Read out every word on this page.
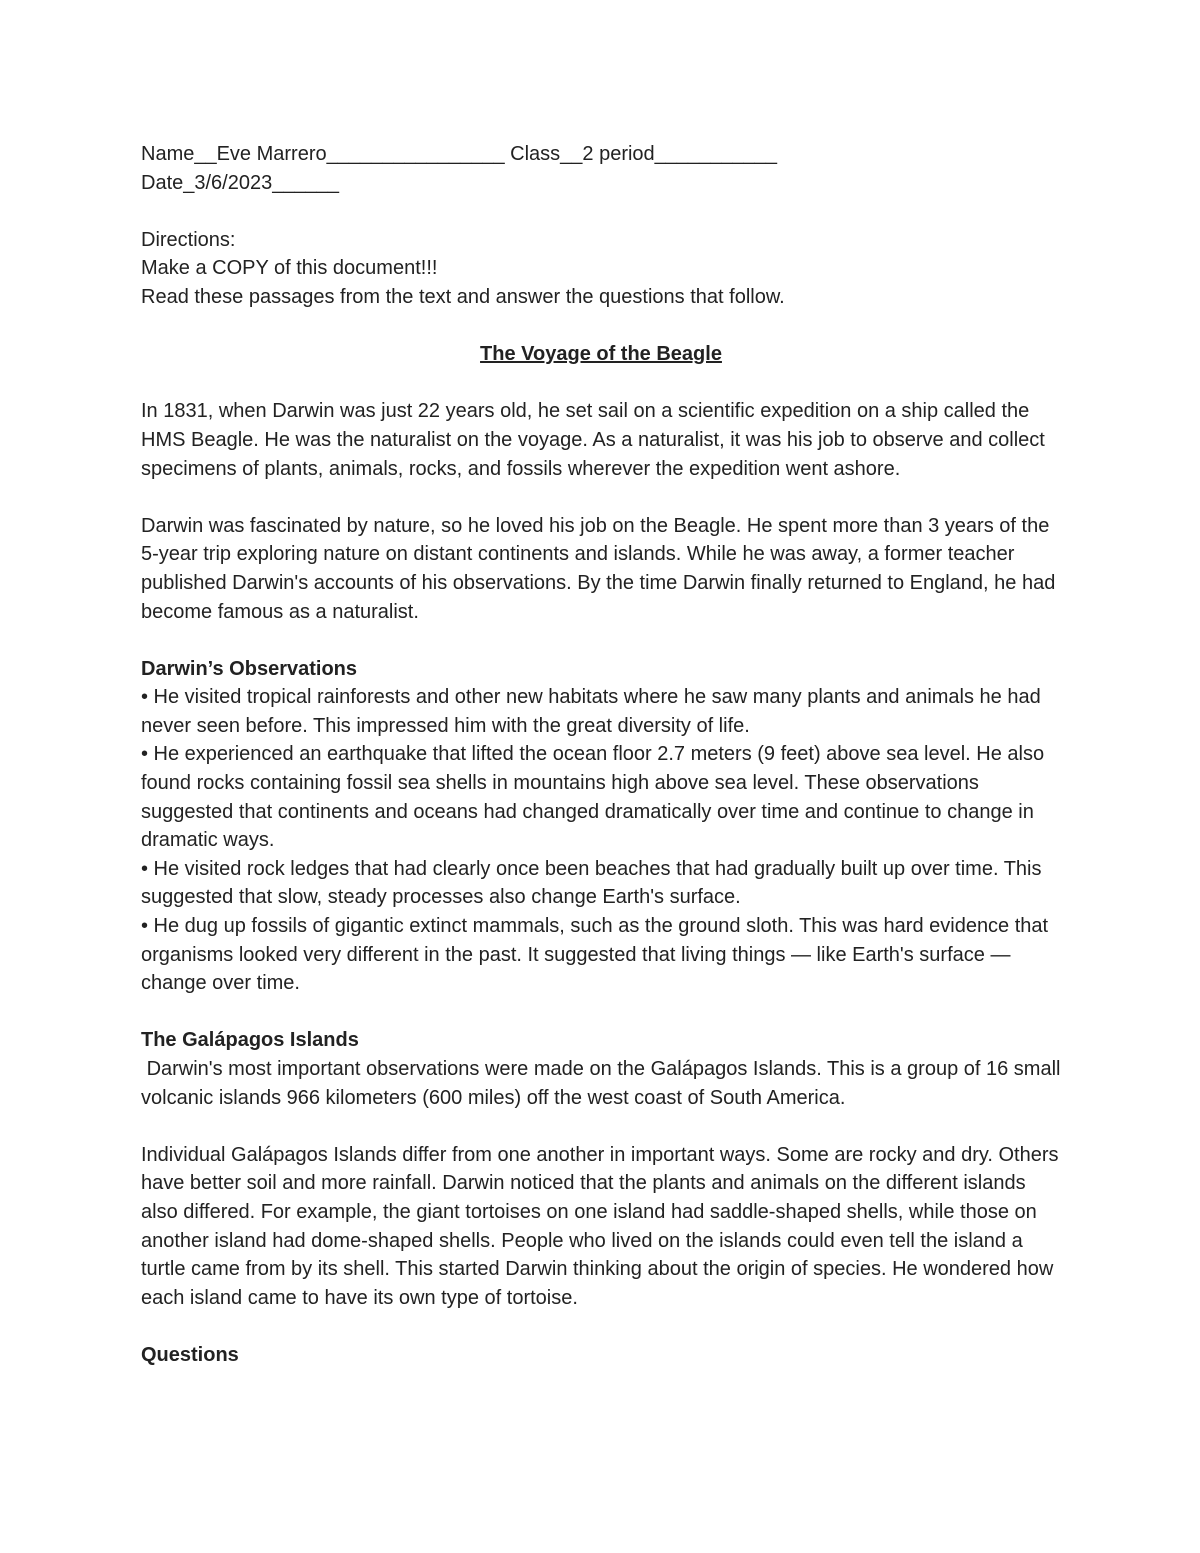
Name__Eve Marrero________________ Class__2 period___________
Date_3/6/2023______
Directions:
Make a COPY of this document!!!
Read these passages from the text and answer the questions that follow.
The Voyage of the Beagle

In 1831, when Darwin was just 22 years old, he set sail on a scientific expedition on a ship called the HMS Beagle. He was the naturalist on the voyage. As a naturalist, it was his job to observe and collect specimens of plants, animals, rocks, and fossils wherever the expedition went ashore.

Darwin was fascinated by nature, so he loved his job on the Beagle. He spent more than 3 years of the 5-year trip exploring nature on distant continents and islands. While he was away, a former teacher published Darwin's accounts of his observations. By the time Darwin finally returned to England, he had become famous as a naturalist.

Darwin’s Observations

• He visited tropical rainforests and other new habitats where he saw many plants and animals he had never seen before. This impressed him with the great diversity of life.

• He experienced an earthquake that lifted the ocean floor 2.7 meters (9 feet) above sea level. He also found rocks containing fossil sea shells in mountains high above sea level. These observations suggested that continents and oceans had changed dramatically over time and continue to change in dramatic ways.

• He visited rock ledges that had clearly once been beaches that had gradually built up over time. This suggested that slow, steady processes also change Earth's surface.

• He dug up fossils of gigantic extinct mammals, such as the ground sloth. This was hard evidence that organisms looked very different in the past. It suggested that living things — like Earth's surface — change over time.

The Galápagos Islands

Darwin's most important observations were made on the Galápagos Islands. This is a group of 16 small volcanic islands 966 kilometers (600 miles) off the west coast of South America.

Individual Galápagos Islands differ from one another in important ways. Some are rocky and dry. Others have better soil and more rainfall. Darwin noticed that the plants and animals on the different islands also differed. For example, the giant tortoises on one island had saddle-shaped shells, while those on another island had dome-shaped shells. People who lived on the islands could even tell the island a turtle came from by its shell. This started Darwin thinking about the origin of species. He wondered how each island came to have its own type of tortoise.

Questions
